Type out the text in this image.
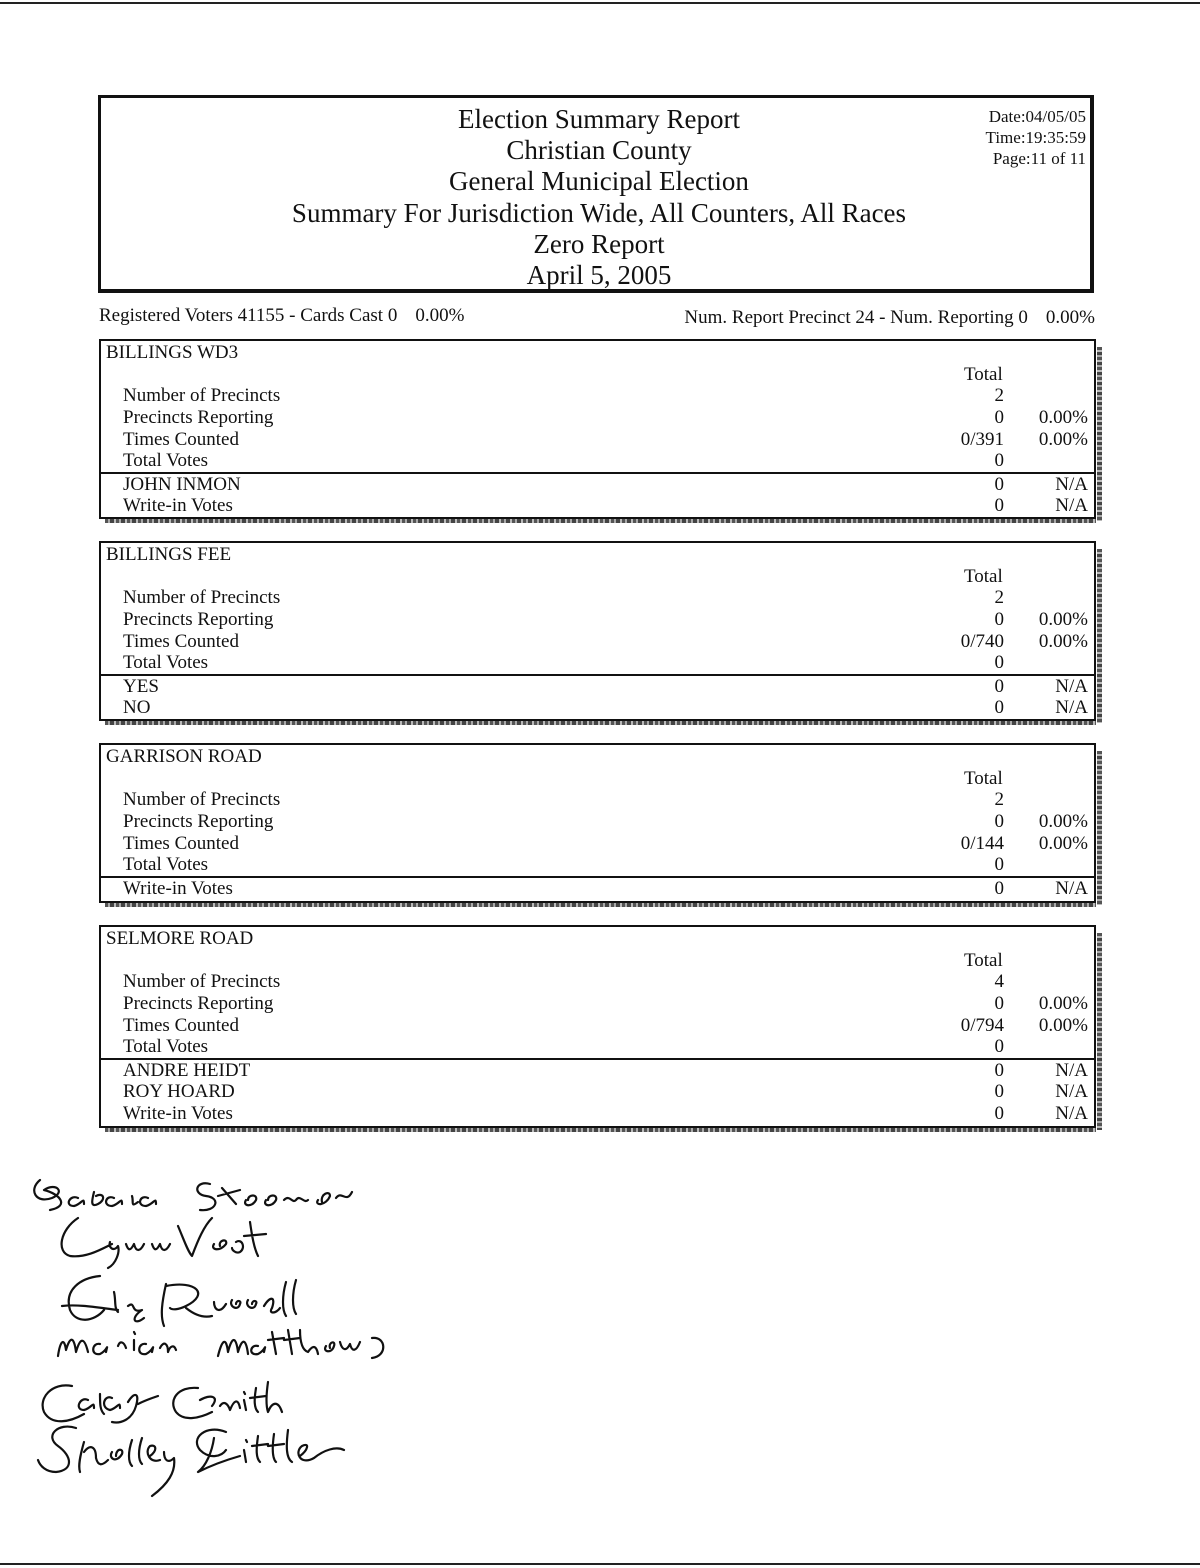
Election Summary Report
Christian County
General Municipal Election
Summary For Jurisdiction Wide, All Counters, All Races
Zero Report
April 5, 2005
Date:04/05/05
Time:19:35:59
Page:11 of 11
Registered Voters 41155 - Cards Cast 0 0.00%	Num. Report Precinct 24 - Num. Reporting 0 0.00%
BILLINGS WD3
Total
Number of Precincts	2
Precincts Reporting	0 0.00%
Times Counted	0/391 0.00%
Total Votes	0
JOHN INMON	0	N/A
Write-in Votes	0	N/A
BILLINGS FEE
Total
Number of Precincts	2
Precincts Reporting	0 0.00%
Times Counted	0/740 0.00%
Total Votes	0
YES	0	N/A
NO	0	N/A
GARRISON ROAD
Total
Number of Precincts	2
Precincts Reporting	0 0.00%
Times Counted	0/144 0.00%
Total Votes	0
Write-in Votes	0	N/A
SELMORE ROAD
Total
Number of Precincts	4
Precincts Reporting	0 0.00%
Times Counted	0/794 0.00%
Total Votes	0
ANDRE HEIDT	0	N/A
ROY HOARD	0	N/A
Write-in Votes	0	N/A
